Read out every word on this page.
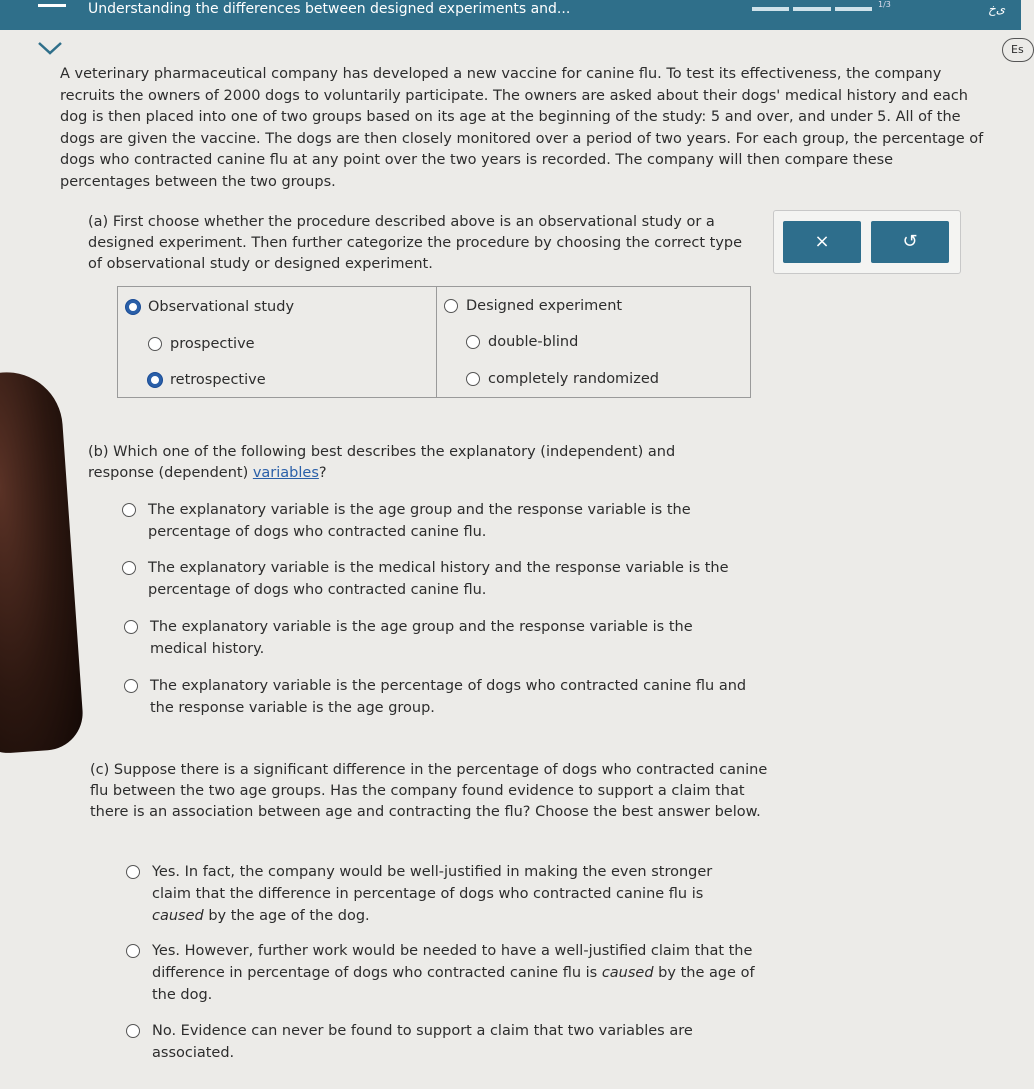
Understanding the differences between designed experiments and...	1/3	ی‌خ
Es
A veterinary pharmaceutical company has developed a new vaccine for canine flu. To test its effectiveness, the company recruits the owners of 2000 dogs to voluntarily participate. The owners are asked about their dogs' medical history and each dog is then placed into one of two groups based on its age at the beginning of the study: 5 and over, and under 5. All of the dogs are given the vaccine. The dogs are then closely monitored over a period of two years. For each group, the percentage of dogs who contracted canine flu at any point over the two years is recorded. The company will then compare these percentages between the two groups.
(a) First choose whether the procedure described above is an observational study or a designed experiment. Then further categorize the procedure by choosing the correct type of observational study or designed experiment.
×	↺
Observational study
prospective
retrospective
Designed experiment
double-blind
completely randomized
(b) Which one of the following best describes the explanatory (independent) and response (dependent) variables?
The explanatory variable is the age group and the response variable is the percentage of dogs who contracted canine flu.
The explanatory variable is the medical history and the response variable is the percentage of dogs who contracted canine flu.
The explanatory variable is the age group and the response variable is the medical history.
The explanatory variable is the percentage of dogs who contracted canine flu and the response variable is the age group.
(c) Suppose there is a significant difference in the percentage of dogs who contracted canine flu between the two age groups. Has the company found evidence to support a claim that there is an association between age and contracting the flu? Choose the best answer below.
Yes. In fact, the company would be well-justified in making the even stronger claim that the difference in percentage of dogs who contracted canine flu is caused by the age of the dog.
Yes. However, further work would be needed to have a well-justified claim that the difference in percentage of dogs who contracted canine flu is caused by the age of the dog.
No. Evidence can never be found to support a claim that two variables are associated.
